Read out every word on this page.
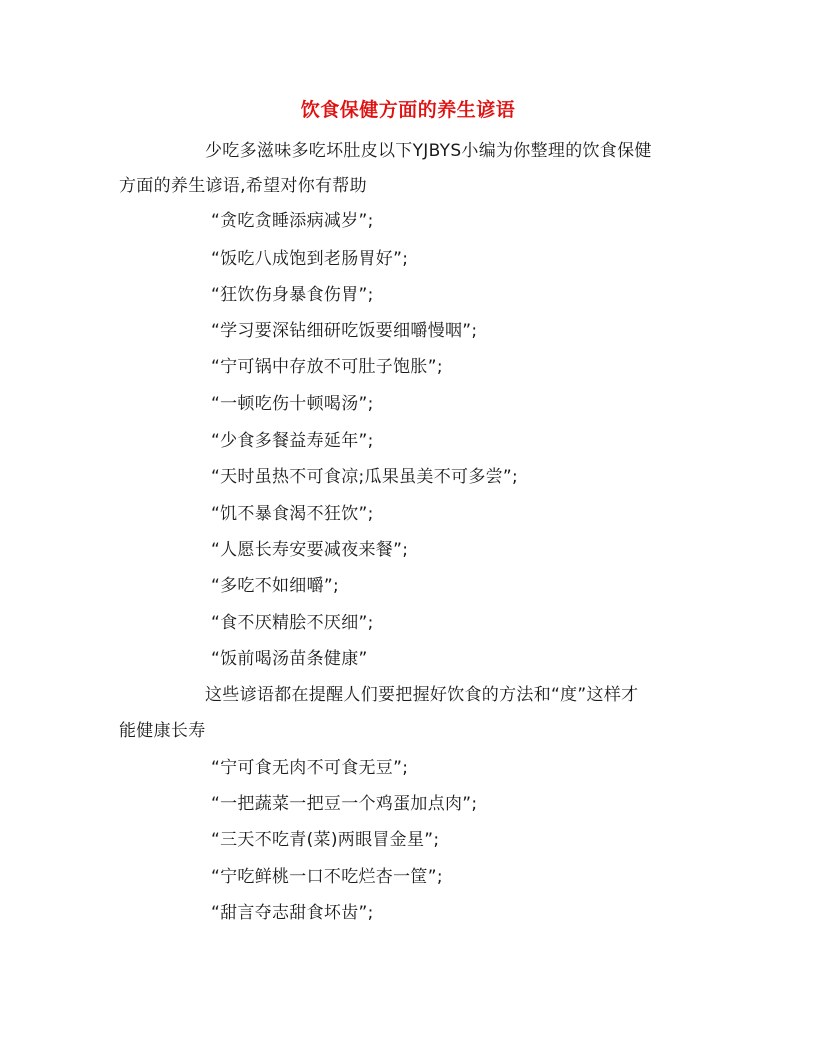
饮食保健方面的养生谚语
少吃多滋味多吃坏肚皮以下YJBYS小编为你整理的饮食保健
方面的养生谚语,希望对你有帮助
“贪吃贪睡添病减岁”;
“饭吃八成饱到老肠胃好”;
“狂饮伤身暴食伤胃”;
“学习要深钻细研吃饭要细嚼慢咽”;
“宁可锅中存放不可肚子饱胀”;
“一顿吃伤十顿喝汤”;
“少食多餐益寿延年”;
“天时虽热不可食凉;瓜果虽美不可多尝”;
“饥不暴食渴不狂饮”;
“人愿长寿安要减夜来餐”;
“多吃不如细嚼”;
“食不厌精脍不厌细”;
“饭前喝汤苗条健康”
这些谚语都在提醒人们要把握好饮食的方法和“度”这样才
能健康长寿
“宁可食无肉不可食无豆”;
“一把蔬菜一把豆一个鸡蛋加点肉”;
“三天不吃青(菜)两眼冒金星”;
“宁吃鲜桃一口不吃烂杏一筐”;
“甜言夺志甜食坏齿”;
